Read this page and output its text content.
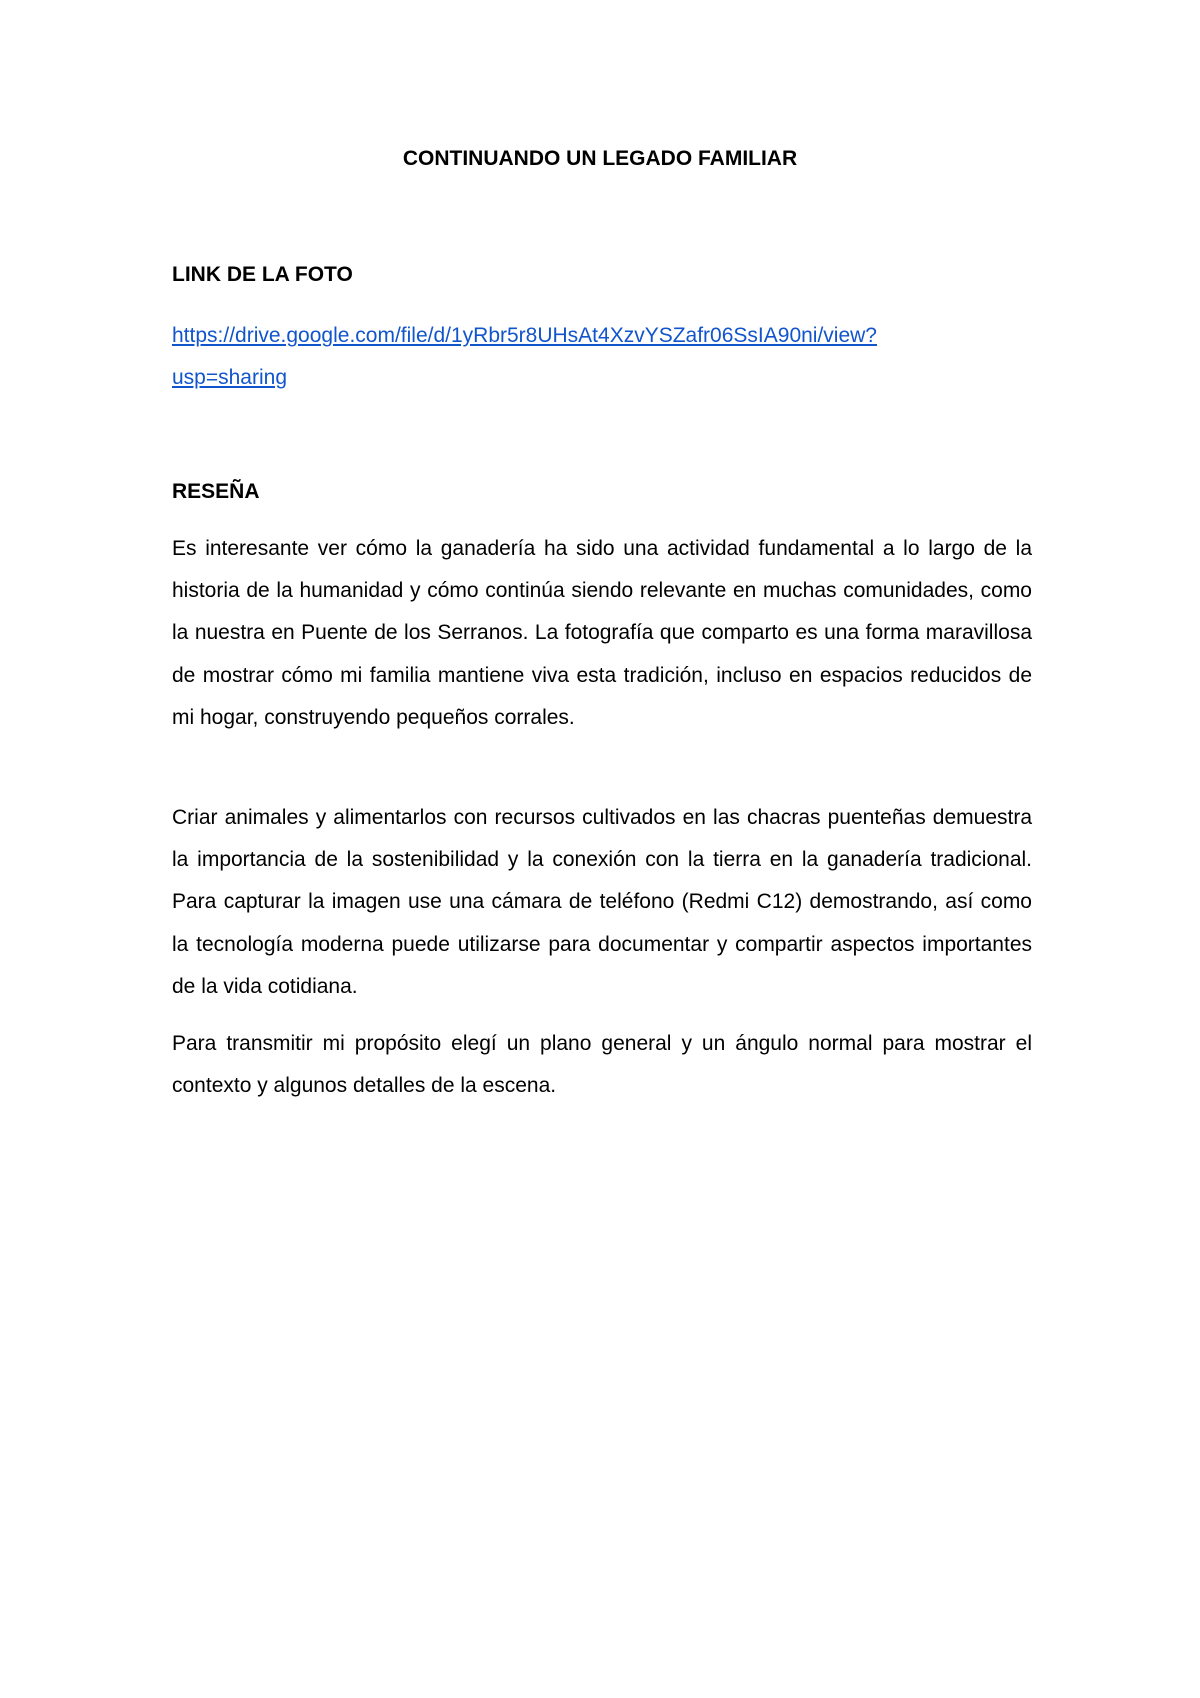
CONTINUANDO UN LEGADO FAMILIAR

LINK DE LA FOTO

https://drive.google.com/file/d/1yRbr5r8UHsAt4XzvYSZafr06SsIA90ni/view?
usp=sharing

RESEÑA

Es interesante ver cómo la ganadería ha sido una actividad fundamental a lo largo de la historia de la humanidad y cómo continúa siendo relevante en muchas comunidades, como la nuestra en Puente de los Serranos. La fotografía que comparto es una forma maravillosa de mostrar cómo mi familia mantiene viva esta tradición, incluso en espacios reducidos de mi hogar, construyendo pequeños corrales.

Criar animales y alimentarlos con recursos cultivados en las chacras puenteñas demuestra la importancia de la sostenibilidad y la conexión con la tierra en la ganadería tradicional. Para capturar la imagen use una cámara de teléfono (Redmi C12) demostrando, así como la tecnología moderna puede utilizarse para documentar y compartir aspectos importantes de la vida cotidiana.

Para transmitir mi propósito elegí un plano general y un ángulo normal para mostrar el contexto y algunos detalles de la escena.
